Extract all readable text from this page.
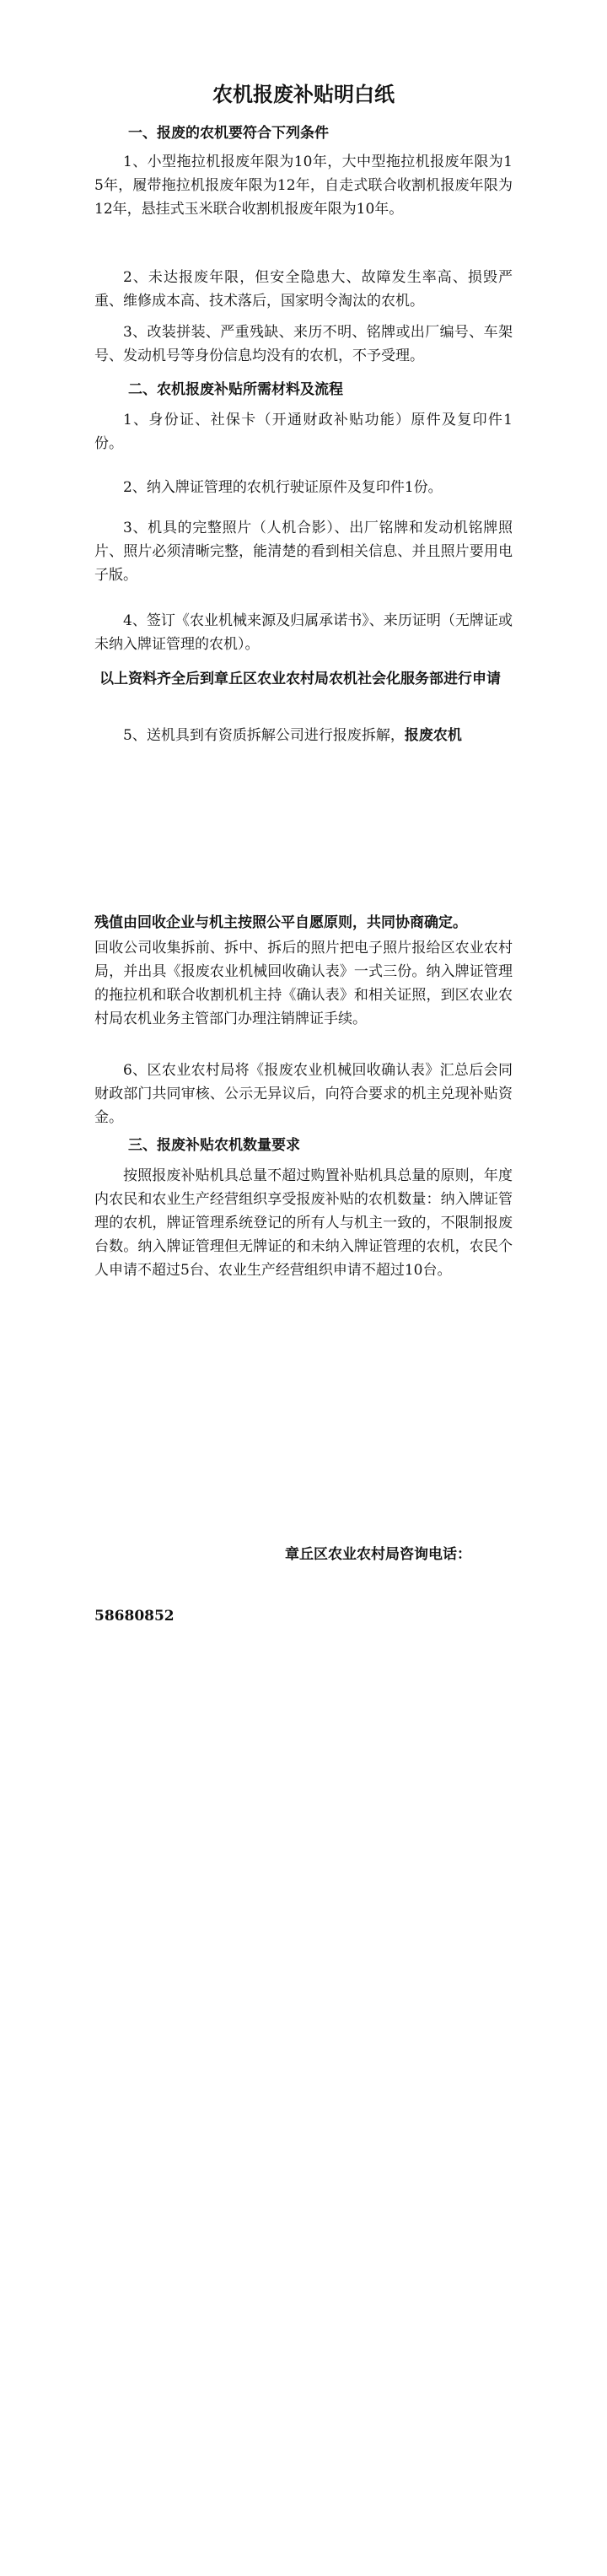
农机报废补贴明白纸
一、报废的农机要符合下列条件

1、小型拖拉机报废年限为10年，大中型拖拉机报废年限为15年，履带拖拉机报废年限为12年，自走式联合收割机报废年限为12年，悬挂式玉米联合收割机报废年限为10年。

2、未达报废年限，但安全隐患大、故障发生率高、损毁严重、维修成本高、技术落后，国家明令淘汰的农机。

3、改装拼装、严重残缺、来历不明、铭牌或出厂编号、车架号、发动机号等身份信息均没有的农机，不予受理。

二、农机报废补贴所需材料及流程

1、身份证、社保卡（开通财政补贴功能）原件及复印件1份。

2、纳入牌证管理的农机行驶证原件及复印件1份。

3、机具的完整照片（人机合影）、出厂铭牌和发动机铭牌照片、照片必须清晰完整，能清楚的看到相关信息、并且照片要用电子版。

4、签订《农业机械来源及归属承诺书》、来历证明（无牌证或未纳入牌证管理的农机）。

以上资料齐全后到章丘区农业农村局农机社会化服务部进行申请

5、送机具到有资质拆解公司进行报废拆解，报废农机

残值由回收企业与机主按照公平自愿原则，共同协商确定。

回收公司收集拆前、拆中、拆后的照片把电子照片报给区农业农村局，并出具《报废农业机械回收确认表》一式三份。纳入牌证管理的拖拉机和联合收割机机主持《确认表》和相关证照，到区农业农村局农机业务主管部门办理注销牌证手续。

6、区农业农村局将《报废农业机械回收确认表》汇总后会同财政部门共同审核、公示无异议后，向符合要求的机主兑现补贴资金。

三、报废补贴农机数量要求

按照报废补贴机具总量不超过购置补贴机具总量的原则，年度内农民和农业生产经营组织享受报废补贴的农机数量：纳入牌证管理的农机，牌证管理系统登记的所有人与机主一致的，不限制报废台数。纳入牌证管理但无牌证的和未纳入牌证管理的农机，农民个人申请不超过5台、农业生产经营组织申请不超过10台。

章丘区农业农村局咨询电话：

58680852
